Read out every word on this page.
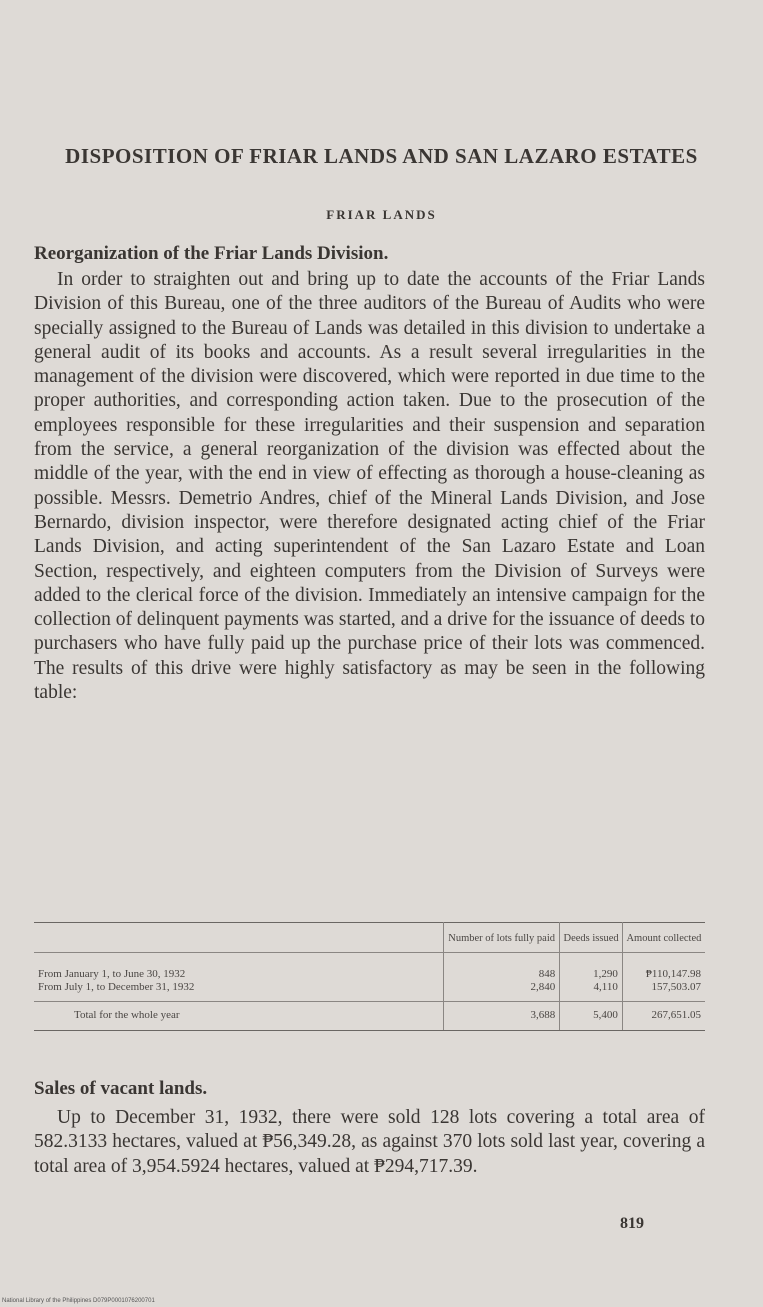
DISPOSITION OF FRIAR LANDS AND SAN LAZARO ESTATES
FRIAR LANDS
Reorganization of the Friar Lands Division.

In order to straighten out and bring up to date the accounts of the Friar Lands Division of this Bureau, one of the three auditors of the Bureau of Audits who were specially assigned to the Bureau of Lands was detailed in this division to undertake a general audit of its books and accounts. As a result several irregularities in the management of the division were discovered, which were reported in due time to the proper authorities, and corresponding action taken. Due to the prosecution of the employees responsible for these irregularities and their suspension and separation from the service, a general reorganization of the division was effected about the middle of the year, with the end in view of effecting as thorough a house-cleaning as possible. Messrs. Demetrio Andres, chief of the Mineral Lands Division, and Jose Bernardo, division inspector, were therefore designated acting chief of the Friar Lands Division, and acting superintendent of the San Lazaro Estate and Loan Section, respectively, and eighteen computers from the Division of Surveys were added to the clerical force of the division. Immediately an intensive campaign for the collection of delinquent payments was started, and a drive for the issuance of deeds to purchasers who have fully paid up the purchase price of their lots was commenced. The results of this drive were highly satisfactory as may be seen in the following table:

	Number of lots fully paid	Deeds issued	Amount collected
From January 1, to June 30, 1932	848	1,290	₱110,147.98
From July 1, to December 31, 1932	2,840	4,110	157,503.07
Total for the whole year	3,688	5,400	267,651.05
Sales of vacant lands.

Up to December 31, 1932, there were sold 128 lots covering a total area of 582.3133 hectares, valued at ₱56,349.28, as against 370 lots sold last year, covering a total area of 3,954.5924 hectares, valued at ₱294,717.39.

819
National Library of the Philippines D079P0001076200701
